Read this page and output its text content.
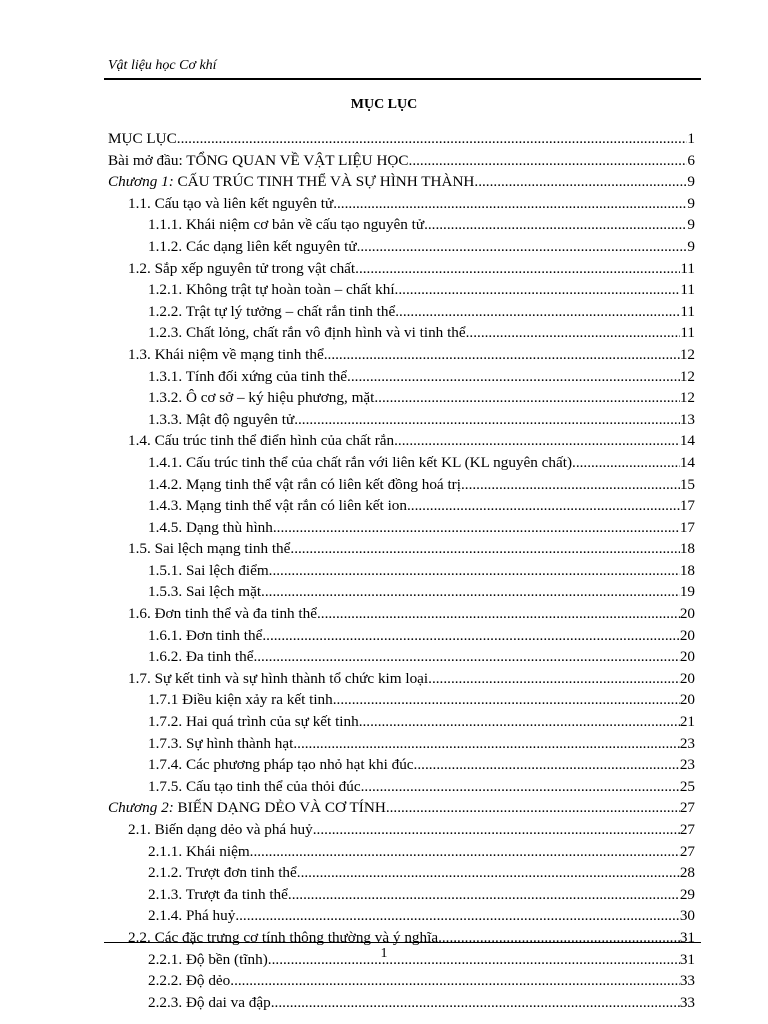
Vật liệu học Cơ khí
MỤC LỤC
MỤC LỤC .....	1
Bài mở đầu: TỔNG QUAN VỀ VẬT LIỆU HỌC .....	6
Chương 1: CẤU TRÚC TINH THỂ VÀ SỰ HÌNH THÀNH .....	9
1.1. Cấu tạo và liên kết nguyên tử .....	9
1.1.1. Khái niệm cơ bản về cấu tạo nguyên tử .....	9
1.1.2. Các dạng liên kết nguyên tử .....	9
1.2. Sắp xếp nguyên tử trong vật chất .....	11
1.2.1. Không trật tự hoàn toàn – chất khí .....	11
1.2.2. Trật tự lý tưởng – chất rắn tinh thể .....	11
1.2.3. Chất lỏng, chất rắn vô định hình và vi tinh thể .....	11
1.3. Khái niệm về mạng tinh thể .....	12
1.3.1. Tính đối xứng của tinh thể .....	12
1.3.2. Ô cơ sở – ký hiệu phương, mặt .....	12
1.3.3. Mật độ nguyên tử .....	13
1.4. Cấu trúc tinh thể điển hình của chất rắn .....	14
1.4.1. Cấu trúc tinh thể của chất rắn với liên kết KL (KL nguyên chất) .....	14
1.4.2. Mạng tinh thể vật rắn có liên kết đồng hoá trị .....	15
1.4.3. Mạng tinh thể vật rắn có liên kết ion .....	17
1.4.5. Dạng thù hình .....	17
1.5. Sai lệch mạng tinh thể .....	18
1.5.1. Sai lệch điểm .....	18
1.5.3. Sai lệch mặt .....	19
1.6. Đơn tinh thể và đa tinh thể .....	20
1.6.1. Đơn tinh thể .....	20
1.6.2. Đa tinh thể .....	20
1.7. Sự kết tinh và sự hình thành tổ chức kim loại .....	20
1.7.1 Điều kiện xảy ra kết tinh .....	20
1.7.2. Hai quá trình của sự kết tinh .....	21
1.7.3. Sự hình thành hạt .....	23
1.7.4. Các phương pháp tạo nhỏ hạt khi đúc .....	23
1.7.5. Cấu tạo tinh thể của thỏi đúc .....	25
Chương 2: BIẾN DẠNG DẺO VÀ CƠ TÍNH .....	27
2.1. Biến dạng dẻo và phá huỷ .....	27
2.1.1. Khái niệm .....	27
2.1.2. Trượt đơn tinh thể .....	28
2.1.3. Trượt đa tinh thể .....	29
2.1.4. Phá huỷ .....	30
2.2. Các đặc trưng cơ tính thông thường và ý nghĩa .....	31
2.2.1. Độ bền (tĩnh) .....	31
2.2.2. Độ dẻo .....	33
2.2.3. Độ dai va đập .....	33
1
